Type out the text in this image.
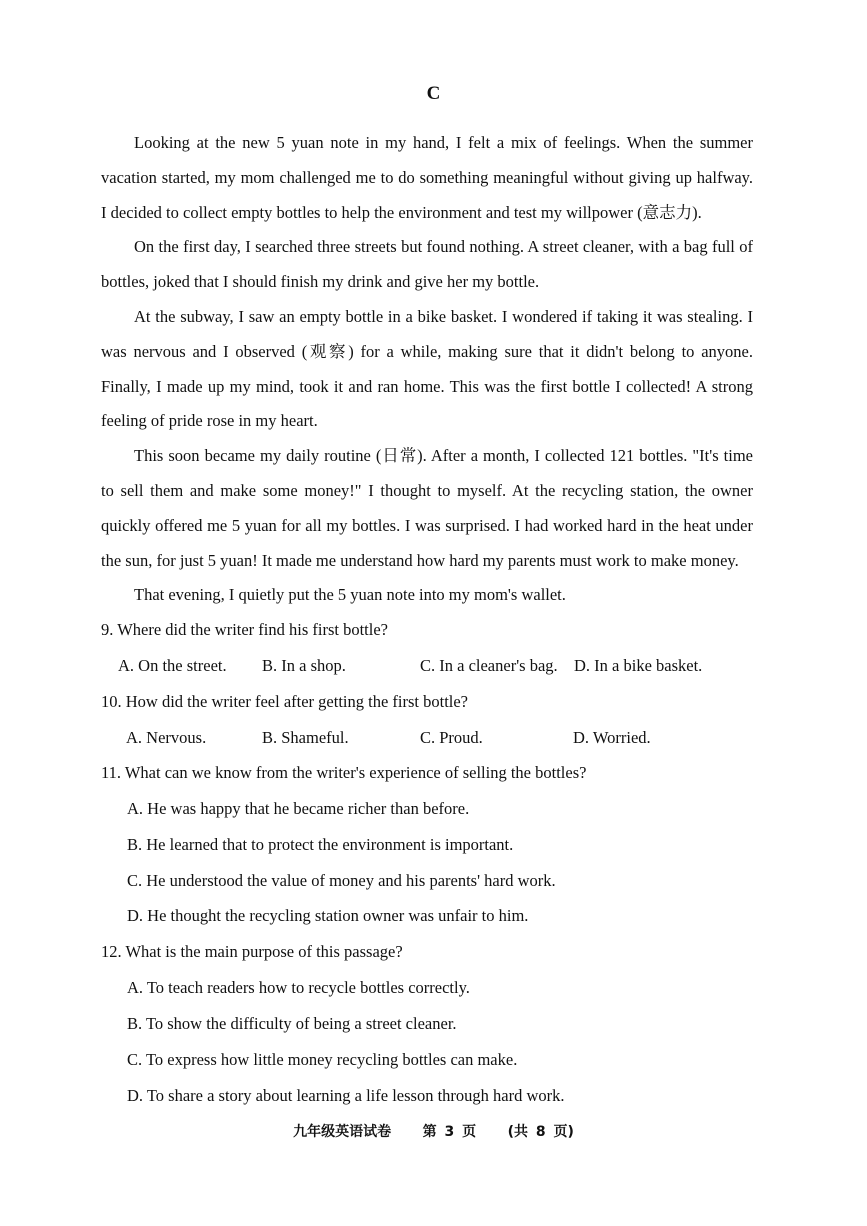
C

Looking at the new 5 yuan note in my hand, I felt a mix of feelings. When the summer vacation started, my mom challenged me to do something meaningful without giving up halfway. I decided to collect empty bottles to help the environment and test my willpower (意志力).

On the first day, I searched three streets but found nothing. A street cleaner, with a bag full of bottles, joked that I should finish my drink and give her my bottle.

At the subway, I saw an empty bottle in a bike basket. I wondered if taking it was stealing. I was nervous and I observed (观察) for a while, making sure that it didn't belong to anyone. Finally, I made up my mind, took it and ran home. This was the first bottle I collected! A strong feeling of pride rose in my heart.

This soon became my daily routine (日常). After a month, I collected 121 bottles. "It's time to sell them and make some money!" I thought to myself. At the recycling station, the owner quickly offered me 5 yuan for all my bottles. I was surprised. I had worked hard in the heat under the sun, for just 5 yuan! It made me understand how hard my parents must work to make money.

That evening, I quietly put the 5 yuan note into my mom's wallet.

9. Where did the writer find his first bottle?
A. On the street. B. In a shop.	C. In a cleaner's bag. D. In a bike basket.
10. How did the writer feel after getting the first bottle?
A. Nervous.	B. Shameful.	C. Proud.	D. Worried.
11. What can we know from the writer's experience of selling the bottles?
A. He was happy that he became richer than before.
B. He learned that to protect the environment is important.
C. He understood the value of money and his parents' hard work.
D. He thought the recycling station owner was unfair to him.
12. What is the main purpose of this passage?
A. To teach readers how to recycle bottles correctly.
B. To show the difficulty of being a street cleaner.
C. To express how little money recycling bottles can make.
D. To share a story about learning a life lesson through hard work.
九年级英语试卷 第 3 页 (共 8 页)
